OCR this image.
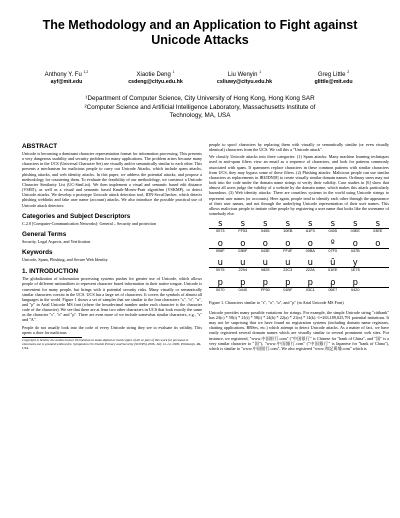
The Methodology and an Application to Fight against
Unicode Attacks
Anthony Y. Fu $^{1,2}$
ayf@mit.edu
Xiaotie Deng $^1$
csdeng@cityu.edu.hk
Liu Wenyin $^1$
csliuwy@cityu.edu.hk
Greg Little $^2$
glittle@mit.edu
¹Department of Computer Science, City University of Hong Kong, Hong Kong SAR
²Computer Science and Artificial Intelligence Laboratory, Massachusetts Institute of
Technology, MA, USA
ABSTRACT

Unicode is becoming a dominant character representation format for information processing. This presents a very dangerous usability and security problem for many applications. The problem arises because many characters in the UCS (Universal Character Set) are visually and/or semantically similar to each other. This presents a mechanism for malicious people to carry out Unicode Attacks, which include spam attacks, phishing attacks, and web identity attacks. In this paper, we address the potential attacks, and propose a methodology for countering them. To evaluate the feasibility of our methodology, we construct a Unicode Character Similarity List (UC-SimList). We then implement a visual and semantic based edit distance (VSED), as well as a visual and semantic based Knuth-Morris-Pratt algorithm (VSKMP), to detect Unicode attacks. We develop a prototype Unicode attack detection tool, IDN-SecuChecker, which detects phishing weblinks and fake user name (account) attacks. We also introduce the possible practical use of Unicode attack detectors.

Categories and Subject Descriptors

C.2.0 [Computer-Communication Networks]: General – Security and protection

General Terms

Security, Legal Aspects, and Verification.

Keywords

Unicode, Spam, Phishing, and Secure Web Identity

1. INTRODUCTION

The globalization of information processing systems pushes for greater use of Unicode, which allows people of different nationalities to represent character based information in their native tongue. Unicode is convenient for many people, but brings with it potential security risks. Many visually or semantically similar characters coexist in the UCS. UCS has a large set of characters. It covers the symbols of almost all languages in the world. Figure 1 shows a set of samples that are similar to the four characters "s", "o", "u", and "p" in Arial Unicode MS font (where the hexadecimal number under each character is the character code of the character). We see that there are at least two other characters in UCS that look exactly the same as the character "s", "o" and "p". There are even more of we include somewhat similar characters, e.g., "s" and "A".

People do not usually look into the code of every Unicode string they see to evaluate its validity. This opens a door for malicious

Copyright is held by the author/owner. Permission to make digital or hard copies of all or part of this work for personal or classroom use is granted without fee. Symposium On Usable Privacy and Security (SOUPS) 2006, July 12-14, 2006, Pittsburgh, PA, USA.

people to spoof characters by replacing them with visually or semantically similar (or even visually identical) characters from the UCS. We call this a "Unicode attack".

We classify Unicode attacks into three categories: (1) Spam attacks: Many machine learning techniques used in anti-spam filters view an email as a sequence of characters, and look for patterns commonly associated with spam. If spammers replace characters in these common patterns with similar characters from UCS, they may bypass some of these filters. (2) Phishing attacks: Malicious people can use similar characters as replacements in IRI/IDN[8] to create visually similar domain names. Ordinary users may not look into the code under the domain name strings to verify their validity. Case studies in [6] show that almost all users judge the validity of a website by the domain name, which makes this attack particularly hazardous. (3) Web identity attacks: There are countless systems in the world using Unicode strings to represent user names (or accounts). Here again, people tend to identify each other through the appearance of their user names, and not through the underlying Unicode representation of their user names. This allows malicious people to imitate other people by registering a user name that looks like the username of somebody else.

s	s	s	s	s	ѕ	s	s
0073	FF53	0455	10EB	A1F3	0405	03EE	03EE
o	o	o	o	o	º	o	o
006F	03BF	043E	FF4F	00BA	07F0	047B
u	u	u	u	u	ȗ	y
0075	2294	0825	22C3	222A	01EE	1E75
p	p	p	p	p	ρ	p
0070	0440	FF50	01BF	03C1	05E7	0420

Figure 1. Characters similar to "s", "o", "u", and "p" (in Arial Unicode MS Font)

Unicode provides many possible variations for strings. For example, the simple Unicode string "citibank" has 24(c) * 58(i) * 21(t) * 58(i) * 24(b) * 22(a) * 21(n) * 14(k) -1=263,189,025,791 potential imitations. It may not be surprising that we have found no registration systems (including domain name registrars, chatting applications, BBSes, etc.) which attempt to detect Unicode attacks. As a matter of fact, we have easily registered several domain names which are visually similar to several prominent web sites. For instance, we registered, "www.中国银行.com" ("中国银行" is Chinese for "bank of China", and "国" is a very similar character to "国"), "www.中国銀行.com" ("中国銀行" is Japanese for "bank of China"), which is similar to "www.中国银行.com". We also registered "www.和記黃埔.com" which is
